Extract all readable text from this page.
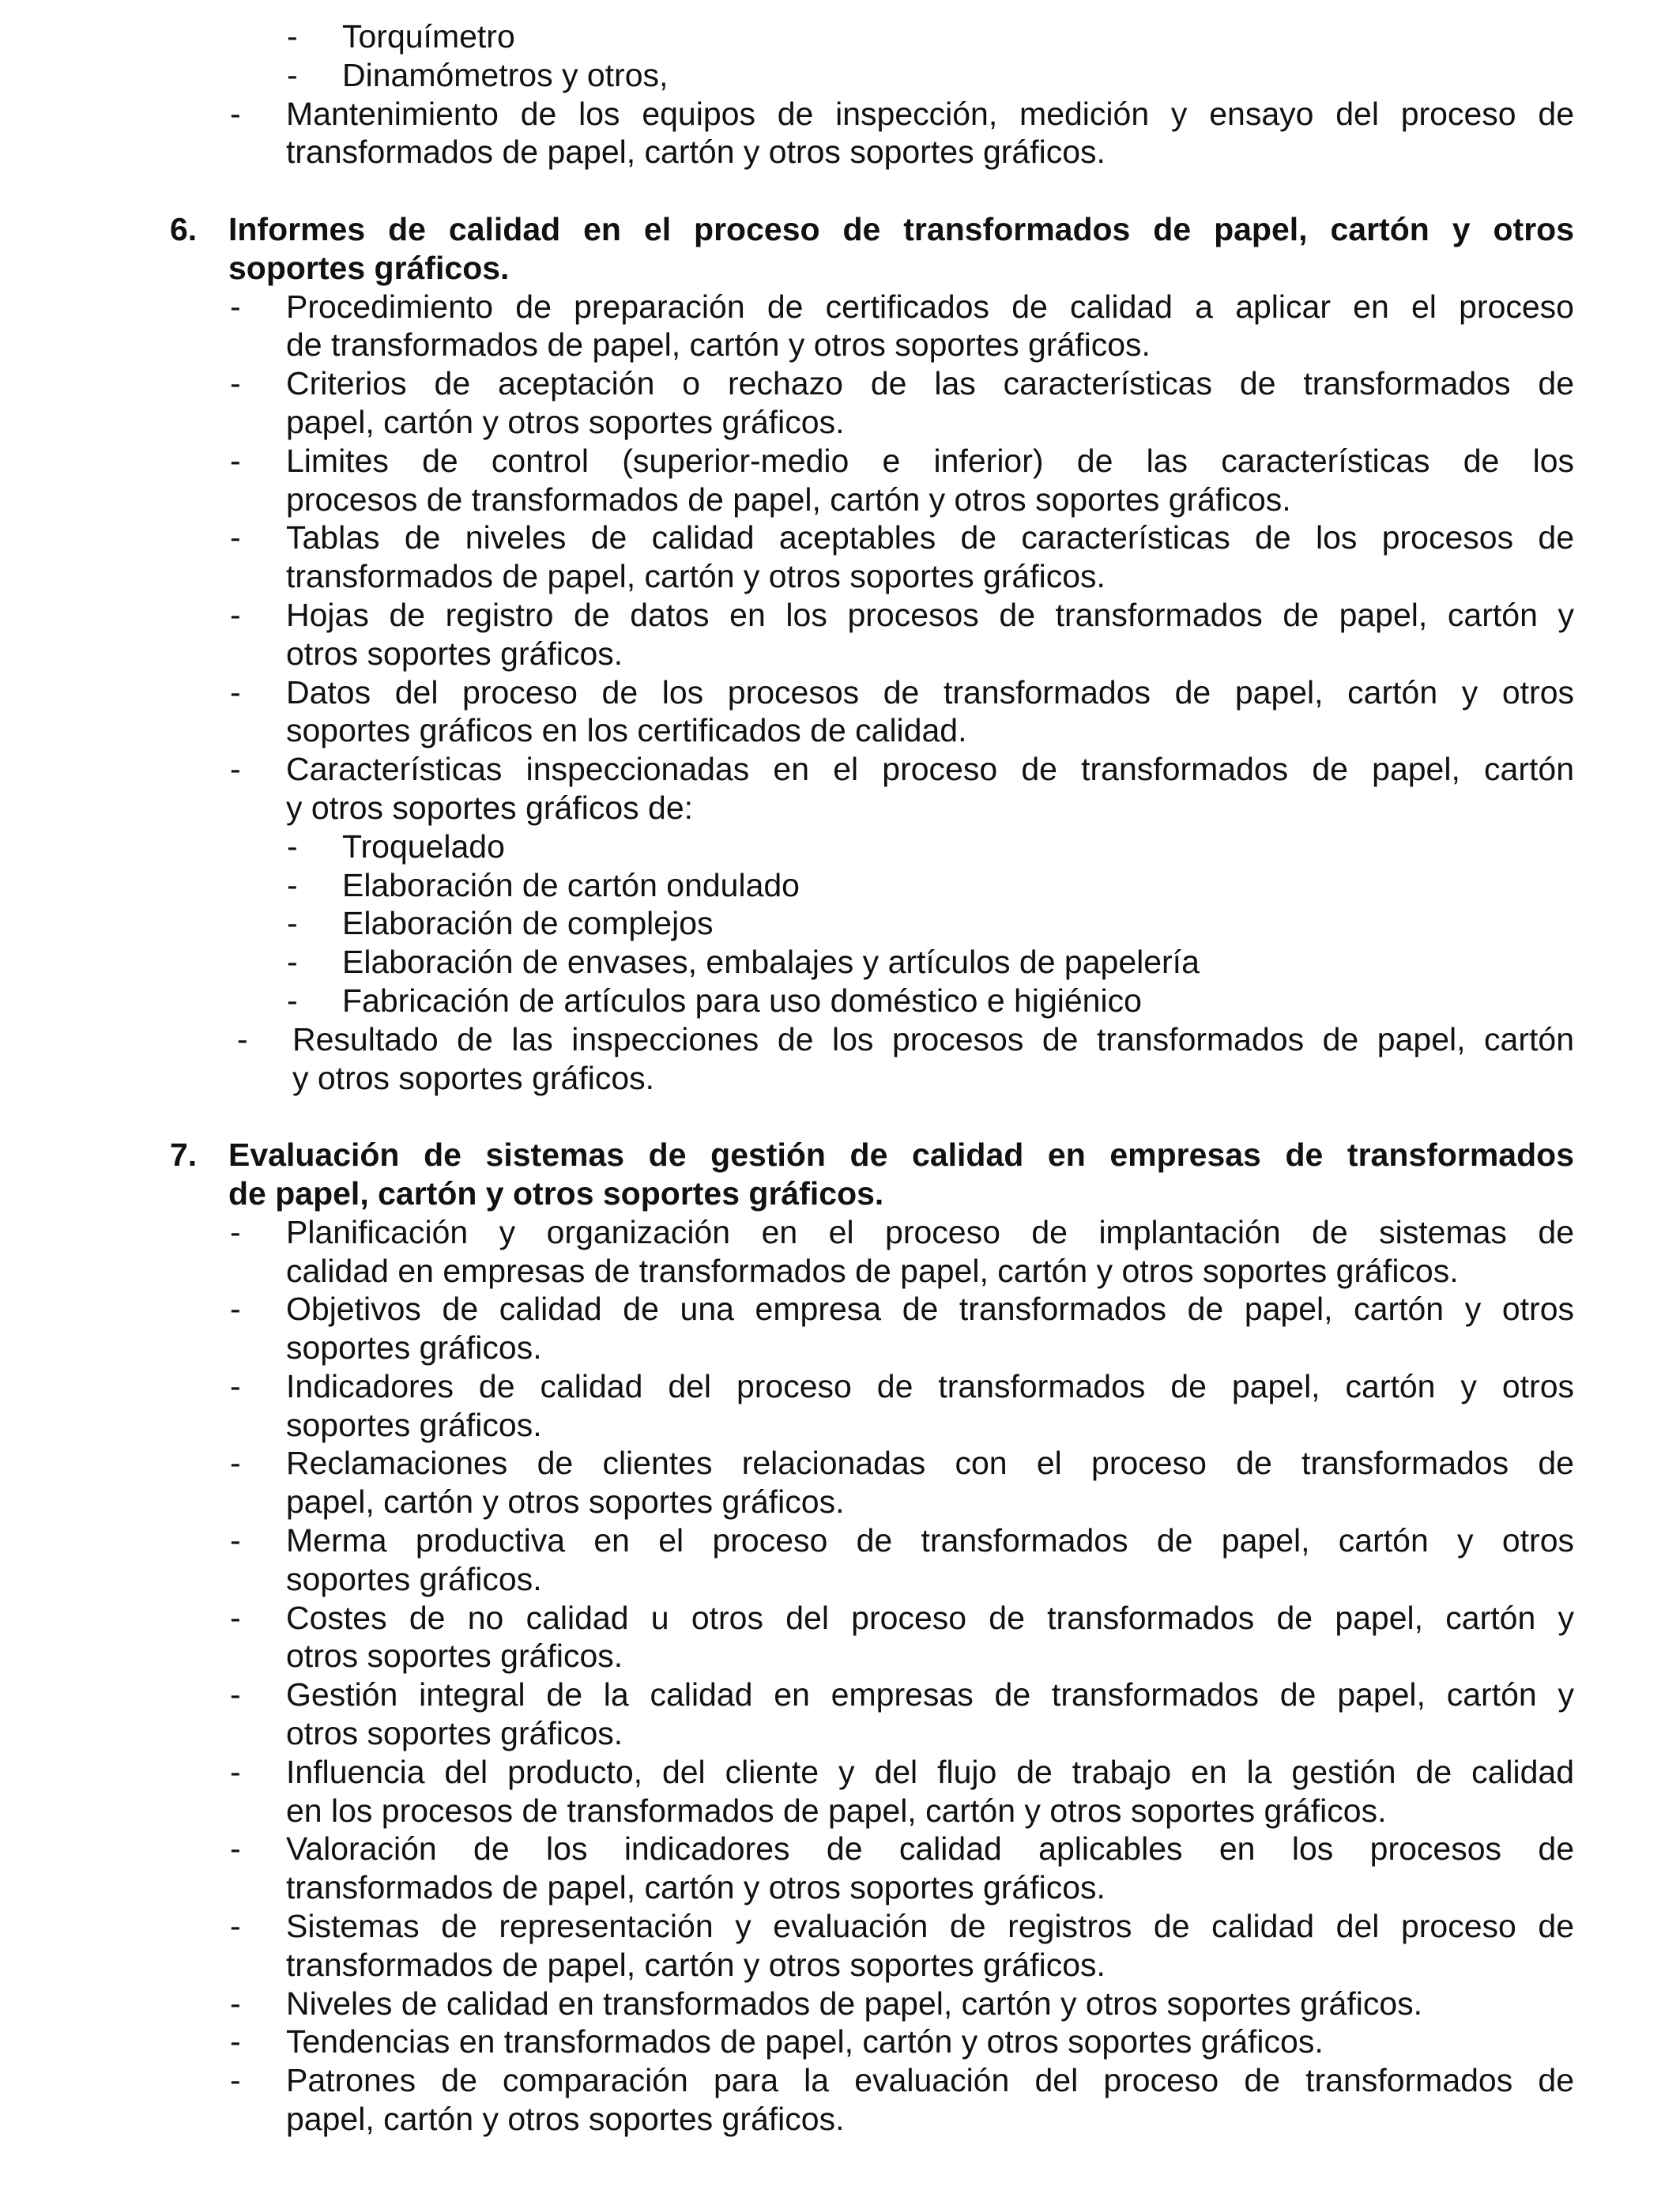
- Torquímetro
- Dinamómetros y otros,
- Mantenimiento de los equipos de inspección, medición y ensayo del proceso de
transformados de papel, cartón y otros soportes gráficos.
6. Informes de calidad en el proceso de transformados de papel, cartón y otros
soportes gráficos.
- Procedimiento de preparación de certificados de calidad a aplicar en el proceso
de transformados de papel, cartón y otros soportes gráficos.
- Criterios de aceptación o rechazo de las características de transformados de
papel, cartón y otros soportes gráficos.
- Limites de control (superior-medio e inferior) de las características de los
procesos de transformados de papel, cartón y otros soportes gráficos.
- Tablas de niveles de calidad aceptables de características de los procesos de
transformados de papel, cartón y otros soportes gráficos.
- Hojas de registro de datos en los procesos de transformados de papel, cartón y
otros soportes gráficos.
- Datos del proceso de los procesos de transformados de papel, cartón y otros
soportes gráficos en los certificados de calidad.
- Características inspeccionadas en el proceso de transformados de papel, cartón
y otros soportes gráficos de:
- Troquelado
- Elaboración de cartón ondulado
- Elaboración de complejos
- Elaboración de envases, embalajes y artículos de papelería
- Fabricación de artículos para uso doméstico e higiénico
- Resultado de las inspecciones de los procesos de transformados de papel, cartón
y otros soportes gráficos.
7. Evaluación de sistemas de gestión de calidad en empresas de transformados
de papel, cartón y otros soportes gráficos.
- Planificación y organización en el proceso de implantación de sistemas de
calidad en empresas de transformados de papel, cartón y otros soportes gráficos.
- Objetivos de calidad de una empresa de transformados de papel, cartón y otros
soportes gráficos.
- Indicadores de calidad del proceso de transformados de papel, cartón y otros
soportes gráficos.
- Reclamaciones de clientes relacionadas con el proceso de transformados de
papel, cartón y otros soportes gráficos.
- Merma productiva en el proceso de transformados de papel, cartón y otros
soportes gráficos.
- Costes de no calidad u otros del proceso de transformados de papel, cartón y
otros soportes gráficos.
- Gestión integral de la calidad en empresas de transformados de papel, cartón y
otros soportes gráficos.
- Influencia del producto, del cliente y del flujo de trabajo en la gestión de calidad
en los procesos de transformados de papel, cartón y otros soportes gráficos.
- Valoración de los indicadores de calidad aplicables en los procesos de
transformados de papel, cartón y otros soportes gráficos.
- Sistemas de representación y evaluación de registros de calidad del proceso de
transformados de papel, cartón y otros soportes gráficos.
- Niveles de calidad en transformados de papel, cartón y otros soportes gráficos.
- Tendencias en transformados de papel, cartón y otros soportes gráficos.
- Patrones de comparación para la evaluación del proceso de transformados de
papel, cartón y otros soportes gráficos.
